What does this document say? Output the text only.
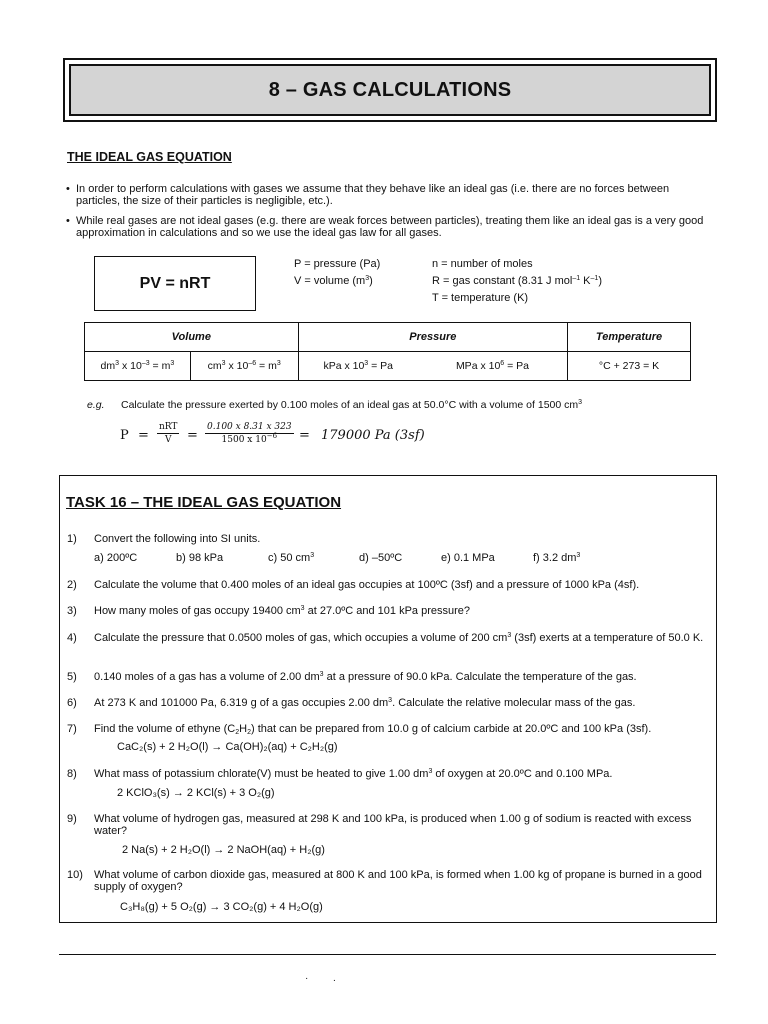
8 – GAS CALCULATIONS
THE IDEAL GAS EQUATION
• In order to perform calculations with gases we assume that they behave like an ideal gas (i.e. there are no forces between particles, the size of their particles is negligible, etc.).
• While real gases are not ideal gases (e.g. there are weak forces between particles), treating them like an ideal gas is a very good approximation in calculations and so we use the ideal gas law for all gases.
PV = nRT
P = pressure (Pa)
V = volume $(m^3)$
n = number of moles
R = gas constant (8.31 J mol$^{-1}$ $K^{-1}$)
T = temperature (K)
Volume		Pressure		Temperature
$dm^3$ x $10^{-3} = m^3$	$cm^3$ x $10^{-6} = m^3$	kPa x $10^3 = Pa$	MPa x $10^6 = Pa$	°C + 273 = K
e.g. Calculate the pressure exerted by 0.100 moles of an ideal gas at 50.0°C with a volume of 1500 $cm^3$
$P = \frac{\text{nRT}}{V} = \frac{0.100 x 8.31 x 323}{1500 x 10^{-6}} = 179000$ Pa (3sf)
TASK 16 – THE IDEAL GAS EQUATION
1) Convert the following into SI units.
a) 200ºC	b) 98 kPa	c) 50 $cm^3$	d) –50ºC	e) 0.1 MPa	f) 3.2 $dm^3$
2) Calculate the volume that 0.400 moles of an ideal gas occupies at 100ºC (3sf) and a pressure of 1000 kPa (4sf).
3) How many moles of gas occupy 19400 $cm^3$ at 27.0ºC and 101 kPa pressure?
4) Calculate the pressure that 0.0500 moles of gas, which occupies a volume of 200 $cm^3$ (3sf) exerts at a temperature of 50.0 K.
5) 0.140 moles of a gas has a volume of 2.00 $dm^3$ at a pressure of 90.0 kPa. Calculate the temperature of the gas.
6) At 273 K and 101000 Pa, 6.319 g of a gas occupies 2.00 $dm^3$. Calculate the relative molecular mass of the gas.
7) Find the volume of ethyne $(C_2H_2)$ that can be prepared from 10.0 g of calcium carbide at 20.0ºC and 100 kPa (3sf).
CaC₂(s) + 2 H₂O(l) → Ca(OH)₂(aq) + C₂H₂(g)
8) What mass of potassium chlorate(V) must be heated to give 1.00 $dm^3$ of oxygen at 20.0ºC and 0.100 MPa.
2 KClO₃(s) → 2 KCl(s) + 3 O₂(g)
9) What volume of hydrogen gas, measured at 298 K and 100 kPa, is produced when 1.00 g of sodium is reacted with excess water?
2 Na(s) + 2 H₂O(l) → 2 NaOH(aq) + H₂(g)
10) What volume of carbon dioxide gas, measured at 800 K and 100 kPa, is formed when 1.00 kg of propane is burned in a good supply of oxygen?
C₃H₈(g) + 5 O₂(g) → 3 CO₂(g) + 4 H₂O(g)
· .
